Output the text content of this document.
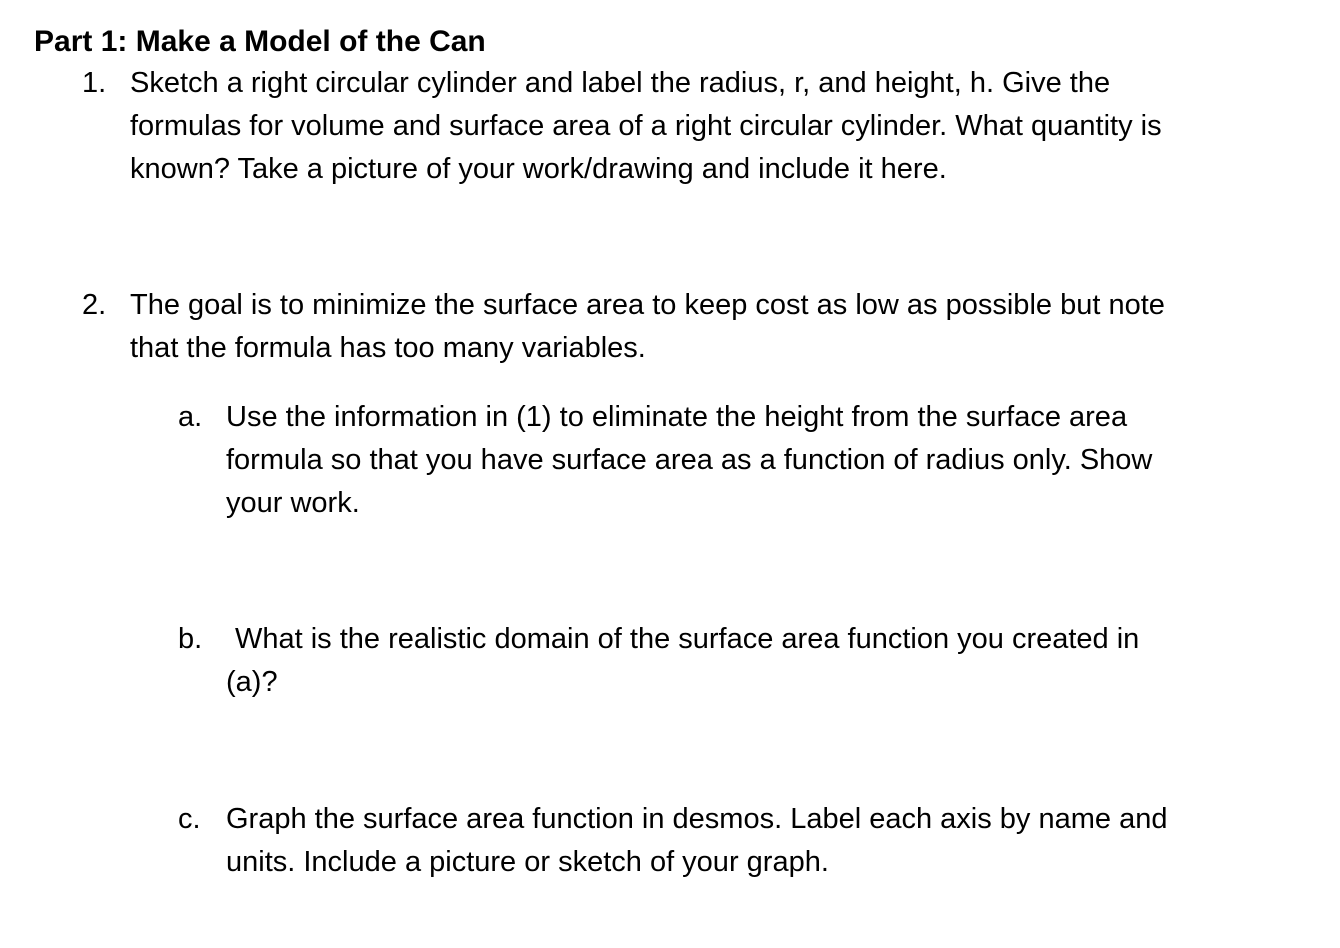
Part 1: Make a Model of the Can
1. Sketch a right circular cylinder and label the radius, r, and height, h. Give the
formulas for volume and surface area of a right circular cylinder. What quantity is
known? Take a picture of your work/drawing and include it here.
2. The goal is to minimize the surface area to keep cost as low as possible but note
that the formula has too many variables.
a. Use the information in (1) to eliminate the height from the surface area
formula so that you have surface area as a function of radius only. Show
your work.
b. What is the realistic domain of the surface area function you created in
(a)?
c. Graph the surface area function in desmos. Label each axis by name and
units. Include a picture or sketch of your graph.
